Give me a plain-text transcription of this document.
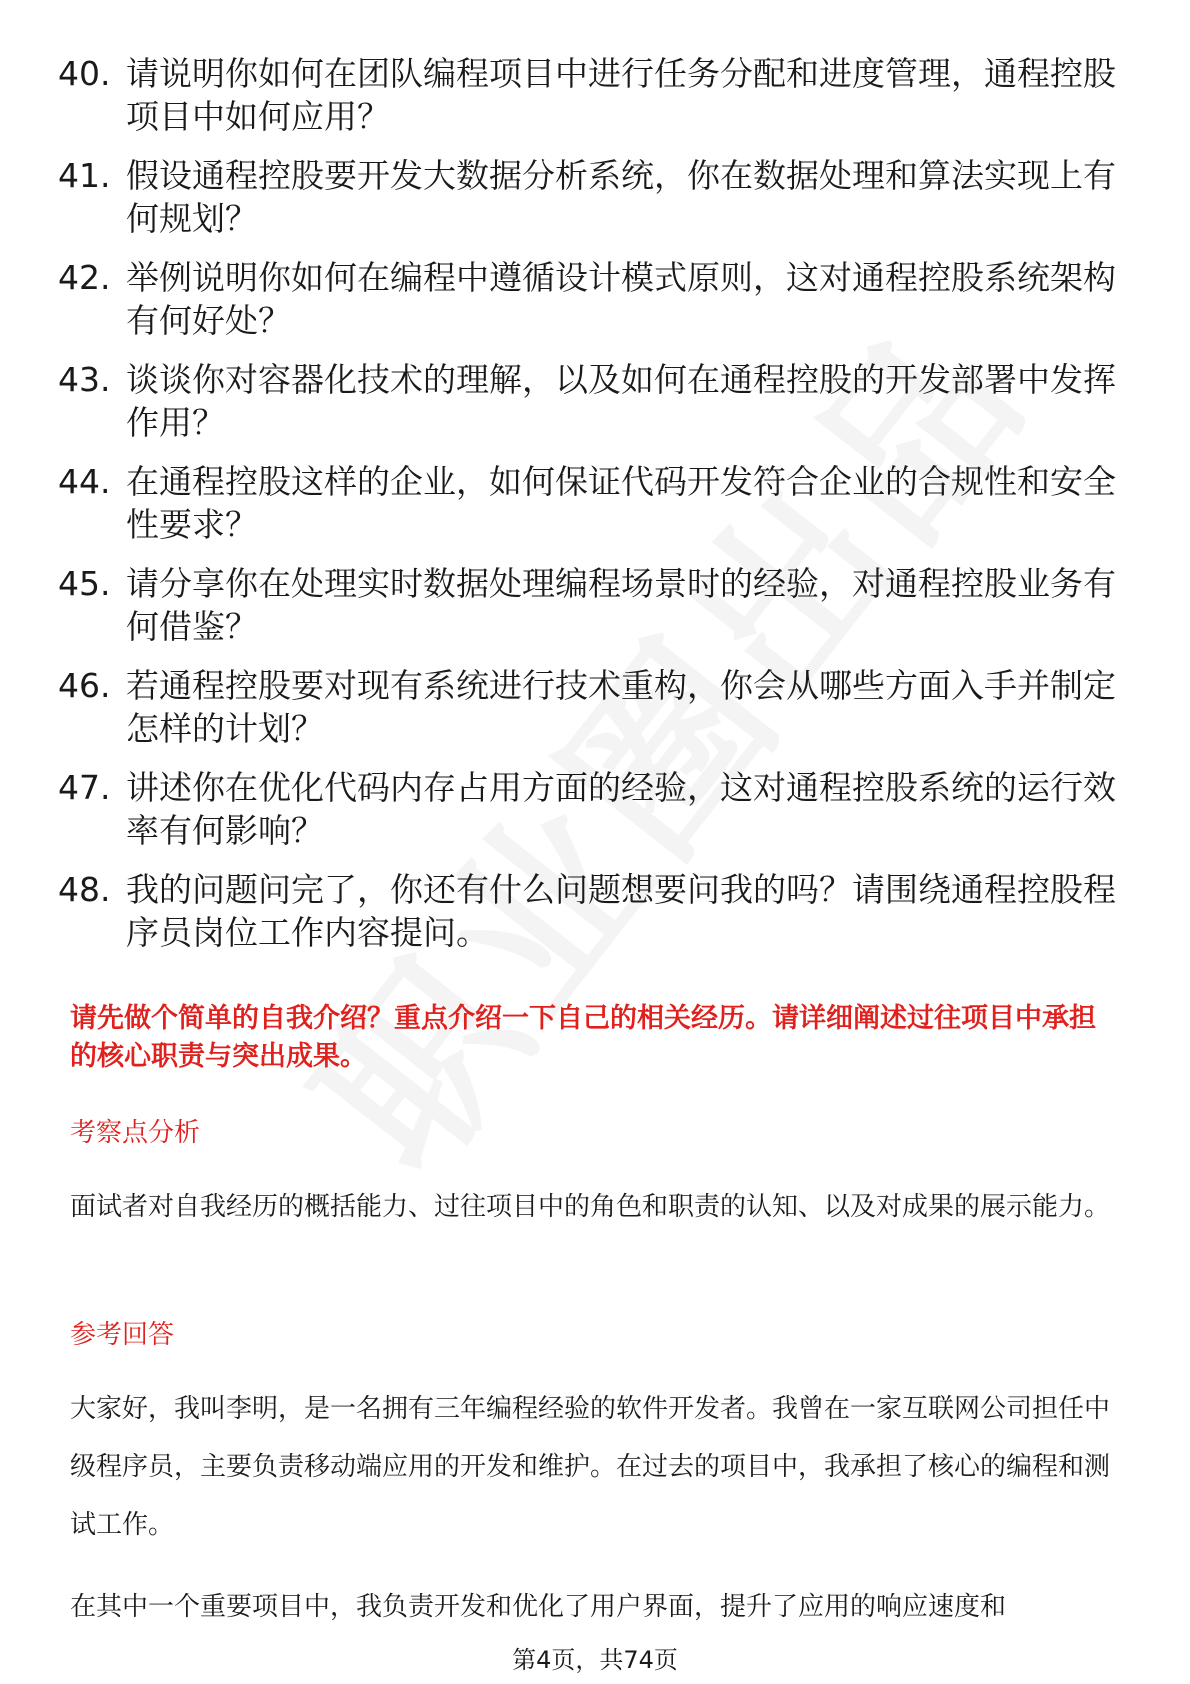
40. 请说明你如何在团队编程项目中进行任务分配和进度管理，通程控股项目中如何应用？
41. 假设通程控股要开发大数据分析系统，你在数据处理和算法实现上有何规划？
42. 举例说明你如何在编程中遵循设计模式原则，这对通程控股系统架构有何好处？
43. 谈谈你对容器化技术的理解，以及如何在通程控股的开发部署中发挥作用？
44. 在通程控股这样的企业，如何保证代码开发符合企业的合规性和安全性要求？
45. 请分享你在处理实时数据处理编程场景时的经验，对通程控股业务有何借鉴？
46. 若通程控股要对现有系统进行技术重构，你会从哪些方面入手并制定怎样的计划？
47. 讲述你在优化代码内存占用方面的经验，这对通程控股系统的运行效率有何影响？
48. 我的问题问完了，你还有什么问题想要问我的吗？请围绕通程控股程序员岗位工作内容提问。
请先做个简单的自我介绍？重点介绍一下自己的相关经历。请详细阐述过往项目中承担的核心职责与突出成果。
考察点分析
面试者对自我经历的概括能力、过往项目中的角色和职责的认知、以及对成果的展示能力。
参考回答
大家好，我叫李明，是一名拥有三年编程经验的软件开发者。我曾在一家互联网公司担任中级程序员，主要负责移动端应用的开发和维护。在过去的项目中，我承担了核心的编程和测试工作。
在其中一个重要项目中，我负责开发和优化了用户界面，提升了应用的响应速度和
第4页，共74页
